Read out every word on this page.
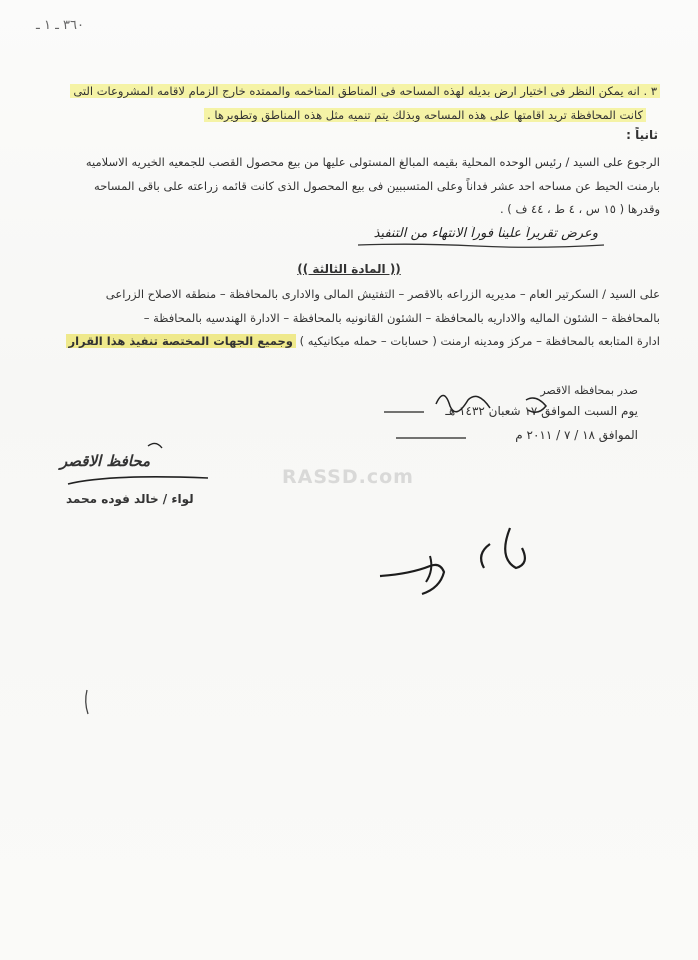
٣٦٠ ـ ١ ـ
٣ . انه يمكن النظر فى اختيار ارض بديله لهذه المساحه فى المناطق المتاخمه والممتده خارج الزمام لاقامه المشروعات التى
كانت المحافظة تريد اقامتها على هذه المساحه وبذلك يتم تنميه مثل هذه المناطق وتطويرها .
ثانياً :
الرجوع على السيد / رئيس الوحده المحلية بقيمه المبالغ المستولى عليها من بيع محصول القصب للجمعيه الخيريه الاسلاميه
بارمنت الحيط عن مساحه احد عشر فداناً وعلى المتسببين فى بيع المحصول الذى كانت قائمه زراعته على باقى المساحه
وقدرها ( ١٥ س ، ٤ ط ، ٤٤ ف ) .
وعرض تقريراً علينا فوراً الانتهاء من التنفيذ
(( المادة الثالثة ))
على السيد / السكرتير العام – مديريه الزراعه بالاقصر – التفتيش المالى والادارى بالمحافظة – منطقه الاصلاح الزراعى
بالمحافظة – الشئون الماليه والاداريه بالمحافظة – الشئون القانونيه بالمحافظة – الادارة الهندسيه بالمحافظة –
ادارة المتابعه بالمحافظة – مركز ومدينه ارمنت ( حسابات – حمله ميكانيكيه ) وجميع الجهات المختصة تنفيذ هذا القرار
صدر بمحافظه الاقصر
يوم السبت الموافق ١٧ شعبان ١٤٣٢ هـ
الموافق ١٨ / ٧ / ٢٠١١ م
محافظ الاقصر
لواء / خالد فوده محمد
RASSD.com
